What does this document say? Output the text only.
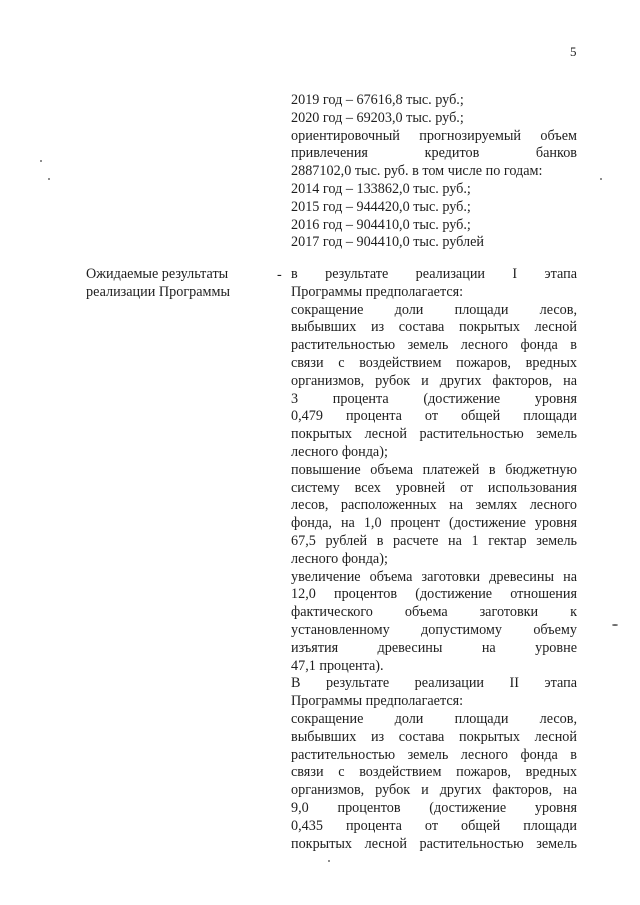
5
2019 год – 67616,8 тыс. руб.;
2020 год – 69203,0 тыс. руб.;
ориентировочный прогнозируемый объем
привлечения кредитов банков
2887102,0 тыс. руб. в том числе по годам:
2014 год – 133862,0 тыс. руб.;
2015 год – 944420,0 тыс. руб.;
2016 год – 904410,0 тыс. руб.;
2017 год – 904410,0 тыс. рублей
Ожидаемые результаты
реализации Программы
- в результате реализации I этапа
Программы предполагается:
сокращение доли площади лесов,
выбывших из состава покрытых лесной
растительностью земель лесного фонда в
связи с воздействием пожаров, вредных
организмов, рубок и других факторов, на
3 процента (достижение уровня
0,479 процента от общей площади
покрытых лесной растительностью земель
лесного фонда);
повышение объема платежей в бюджетную
систему всех уровней от использования
лесов, расположенных на землях лесного
фонда, на 1,0 процент (достижение уровня
67,5 рублей в расчете на 1 гектар земель
лесного фонда);
увеличение объема заготовки древесины на
12,0 процентов (достижение отношения
фактического объема заготовки к
установленному допустимому объему
изъятия древесины на уровне
47,1 процента).
В результате реализации II этапа
Программы предполагается:
сокращение доли площади лесов,
выбывших из состава покрытых лесной
растительностью земель лесного фонда в
связи с воздействием пожаров, вредных
организмов, рубок и других факторов, на
9,0 процентов (достижение уровня
0,435 процента от общей площади
покрытых лесной растительностью земель
